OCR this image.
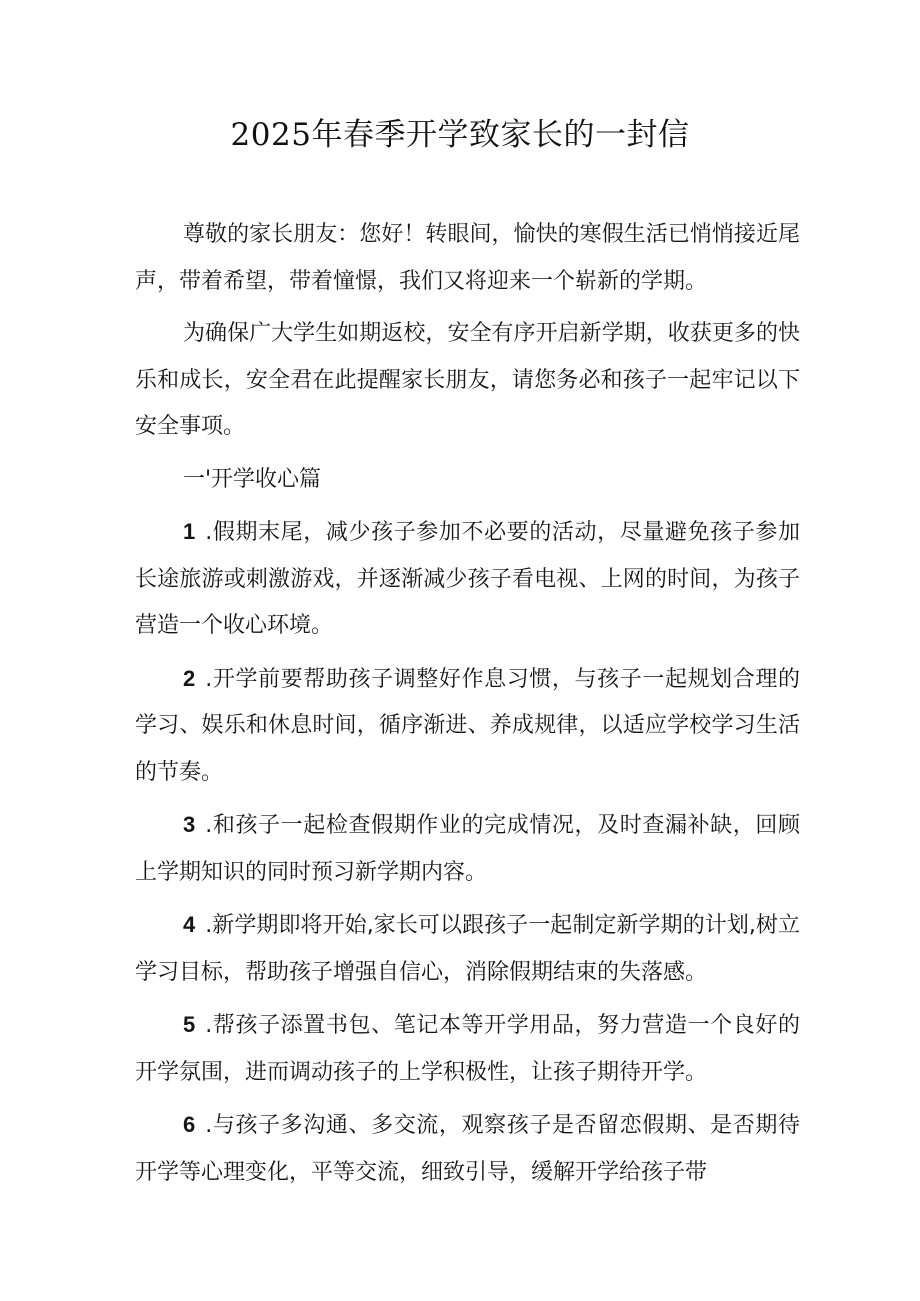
2025年春季开学致家长的一封信

尊敬的家长朋友：您好！转眼间，愉快的寒假生活已悄悄接近尾声，带着希望，带着憧憬，我们又将迎来一个崭新的学期。

为确保广大学生如期返校，安全有序开启新学期，收获更多的快乐和成长，安全君在此提醒家长朋友，请您务必和孩子一起牢记以下安全事项。

一'开学收心篇

1 .假期末尾，减少孩子参加不必要的活动，尽量避免孩子参加长途旅游或刺激游戏，并逐渐减少孩子看电视、上网的时间，为孩子营造一个收心环境。

2 .开学前要帮助孩子调整好作息习惯，与孩子一起规划合理的学习、娱乐和休息时间，循序渐进、养成规律，以适应学校学习生活的节奏。

3 .和孩子一起检查假期作业的完成情况，及时查漏补缺，回顾上学期知识的同时预习新学期内容。

4 .新学期即将开始,家长可以跟孩子一起制定新学期的计划,树立学习目标，帮助孩子增强自信心，消除假期结束的失落感。

5 .帮孩子添置书包、笔记本等开学用品，努力营造一个良好的开学氛围，进而调动孩子的上学积极性，让孩子期待开学。

6 .与孩子多沟通、多交流，观察孩子是否留恋假期、是否期待开学等心理变化，平等交流，细致引导，缓解开学给孩子带
